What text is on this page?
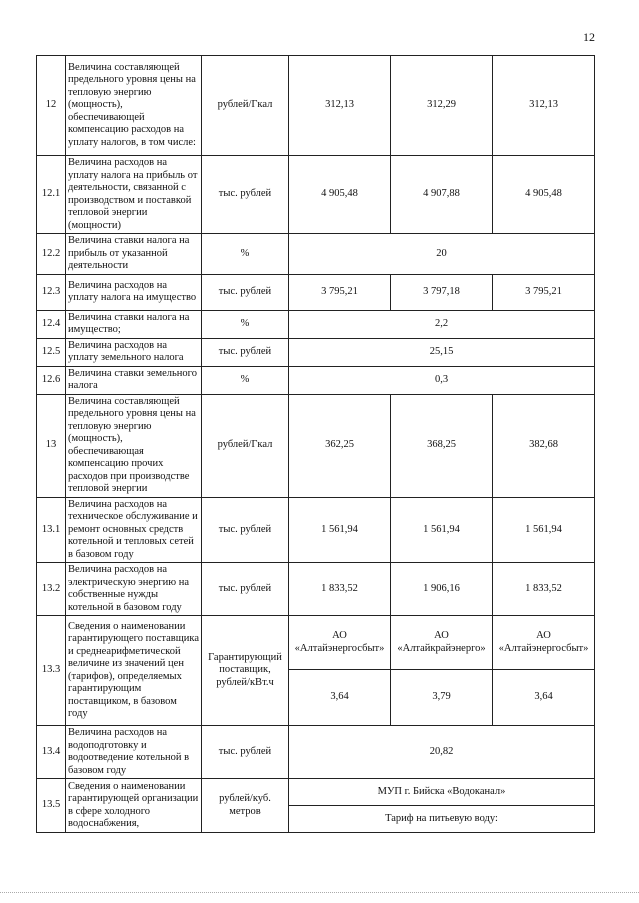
12
12	Величина составляющей предельного уровня цены на тепловую энергию (мощность), обеспечивающей компенсацию расходов на уплату налогов, в том числе:	рублей/Гкал	312,13	312,29	312,13
12.1	Величина расходов на уплату налога на прибыль от деятельности, связанной с производством и поставкой тепловой энергии (мощности)	тыс. рублей	4 905,48	4 907,88	4 905,48
12.2	Величина ставки налога на прибыль от указанной деятельности	%	20		
12.3	Величина расходов на уплату налога на имущество	тыс. рублей	3 795,21	3 797,18	3 795,21
12.4	Величина ставки налога на имущество;	%	2,2		
12.5	Величина расходов на уплату земельного налога	тыс. рублей	25,15		
12.6	Величина ставки земельного налога	%	0,3		
13	Величина составляющей предельного уровня цены на тепловую энергию (мощность), обеспечивающая компенсацию прочих расходов при производстве тепловой энергии	рублей/Гкал	362,25	368,25	382,68
13.1	Величина расходов на техническое обслуживание и ремонт основных средств котельной и тепловых сетей в базовом году	тыс. рублей	1 561,94	1 561,94	1 561,94
13.2	Величина расходов на электрическую энергию на собственные нужды котельной в базовом году	тыс. рублей	1 833,52	1 906,16	1 833,52
13.3	Сведения о наименовании гарантирующего поставщика и среднеарифметической величине из значений цен (тарифов), определяемых гарантирующим поставщиком, в базовом году	Гарантирующий поставщик, рублей/кВт.ч	АО «Алтайэнергосбыт»	АО «Алтайкрайэнерго»	АО «Алтайэнергосбыт»
			3,64	3,79	3,64
13.4	Величина расходов на водоподготовку и водоотведение котельной в базовом году	тыс. рублей	20,82		
13.5	Сведения о наименовании гарантирующей организации в сфере холодного водоснабжения,	рублей/куб. метров	МУП г. Бийска «Водоканал»		
			Тариф на питьевую воду:		
